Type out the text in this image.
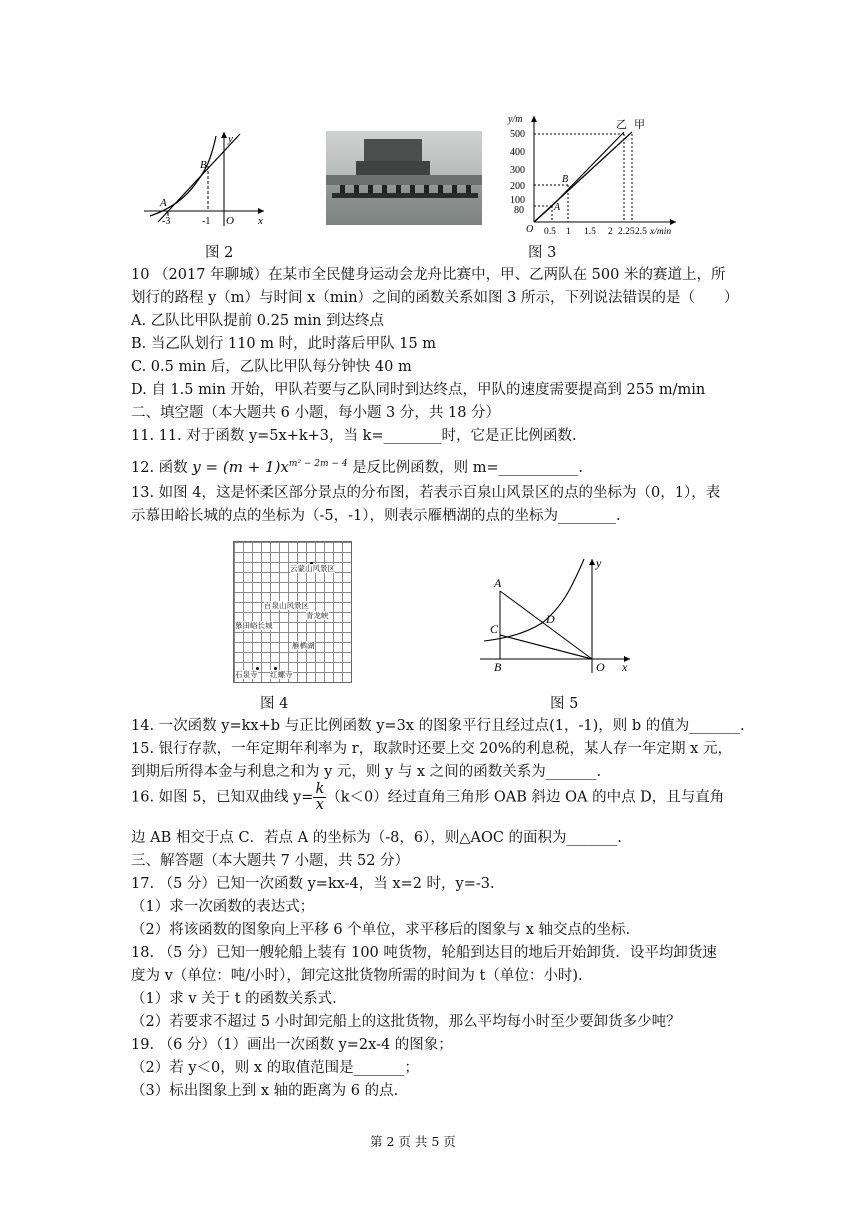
y
x
A
B
O
-3	-1
y/m
500
400
300
200
100
80
O 0.5 1 1.5 2 2.25 2.5 x/min
A
B
乙 甲
图 2	图 3
10 （2017 年聊城）在某市全民健身运动会龙舟比赛中，甲、乙两队在 500 米的赛道上，所
划行的路程 y（m）与时间 x（min）之间的函数关系如图 3 所示，下列说法错误的是（　　）
A. 乙队比甲队提前 0.25 min 到达终点
B. 当乙队划行 110 m 时，此时落后甲队 15 m
C. 0.5 min 后，乙队比甲队每分钟快 40 m
D. 自 1.5 min 开始，甲队若要与乙队同时到达终点，甲队的速度需要提高到 255 m/min
二、填空题（本大题共 6 小题，每小题 3 分，共 18 分）
11. 11. 对于函数 y=5x+k+3，当 k=________时，它是正比例函数.
12. 函数 $y = (m + 1)x^{m^2 - 2m - 4}$ 是反比例函数，则 m=___________.
13. 如图 4，这是怀柔区部分景点的分布图，若表示百泉山风景区的点的坐标为（0，1），表
示慕田峪长城的点的坐标为（-5，-1），则表示雁栖湖的点的坐标为________.
云蒙山风景区
百泉山风景区
青龙峡
慕田峪长城
雁栖湖
石泉寺 红螺寺
y
x
A
B
C
D
O
图 4	图 5
14. 一次函数 y=kx+b 与正比例函数 y=3x 的图象平行且经过点(1，-1)，则 b 的值为_______.
15. 银行存款，一年定期年利率为 r，取款时还要上交 20%的利息税，某人存一年定期 x 元，
到期后所得本金与利息之和为 y 元，则 y 与 x 之间的函数关系为_______.
16. 如图 5，已知双曲线 $y= \frac{k}{x} (k<0)$经过直角三角形 OAB 斜边 OA 的中点 D，且与直角
边 AB 相交于点 C．若点 A 的坐标为（-8，6），则△AOC 的面积为_______.
三、解答题（本大题共 7 小题，共 52 分）
17. （5 分）已知一次函数 y=kx-4，当 x=2 时，y=-3.
（1）求一次函数的表达式；
（2）将该函数的图象向上平移 6 个单位，求平移后的图象与 x 轴交点的坐标.
18. （5 分）已知一艘轮船上装有 100 吨货物，轮船到达目的地后开始卸货．设平均卸货速
度为 v（单位：吨/小时），卸完这批货物所需的时间为 t（单位：小时).
（1）求 v 关于 t 的函数关系式.
（2）若要求不超过 5 小时卸完船上的这批货物，那么平均每小时至少要卸货多少吨？
19. （6 分）（1）画出一次函数 y=2x-4 的图象；
（2）若 y＜0，则 x 的取值范围是_______；
（3）标出图象上到 x 轴的距离为 6 的点.
第 2 页 共 5 页
